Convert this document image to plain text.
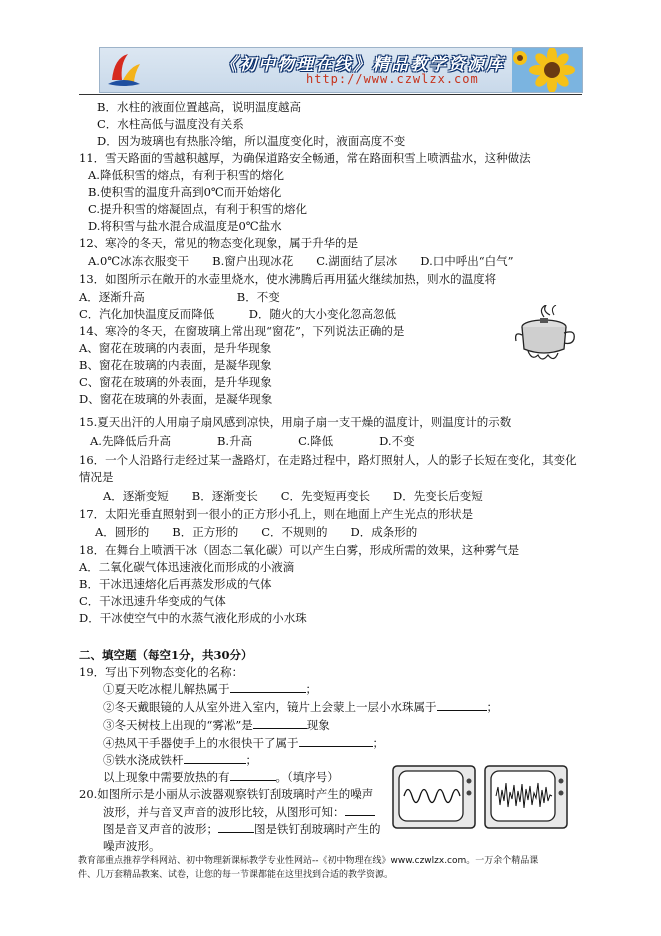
《初中物理在线》精品教学资源库
http://www.czwlzx.com
B．水柱的液面位置越高，说明温度越高
C．水柱高低与温度没有关系
D．因为玻璃也有热胀冷缩，所以温度变化时，液面高度不变
11．雪天路面的雪越积越厚，为确保道路安全畅通，常在路面积雪上喷洒盐水，这种做法
A.降低积雪的熔点，有利于积雪的熔化
B.使积雪的温度升高到0℃而开始熔化
C.提升积雪的熔凝固点，有利于积雪的熔化
D.将积雪与盐水混合成温度是0℃盐水
12、寒冷的冬天，常见的物态变化现象，属于升华的是
A.0℃冰冻衣服变干　　B.窗户出现冰花　　C.湖面结了层冰　　D.口中呼出“白气”
13．如图所示在敞开的水壶里烧水，使水沸腾后再用猛火继续加热，则水的温度将
A．逐渐升高　　　　　　　　B．不变
C．汽化加快温度反而降低　　　D．随火的大小变化忽高忽低
14、寒冷的冬天，在窗玻璃上常出现“窗花”，下列说法正确的是
A、窗花在玻璃的内表面，是升华现象
B、窗花在玻璃的内表面，是凝华现象
C、窗花在玻璃的外表面，是升华现象
D、窗花在玻璃的外表面，是凝华现象
15.夏天出汗的人用扇子扇风感到凉快，用扇子扇一支干燥的温度计，则温度计的示数
A.先降低后升高　　　　B.升高　　　　C.降低　　　　D.不变
16．一个人沿路行走经过某一盏路灯，在走路过程中，路灯照射人，人的影子长短在变化，其变化
情况是
A．逐渐变短　　B．逐渐变长　　C．先变短再变长　　D．先变长后变短
17．太阳光垂直照射到一很小的正方形小孔上，则在地面上产生光点的形状是
A．圆形的　　B．正方形的　　C．不规则的　　D．成条形的
18．在舞台上喷洒干冰（固态二氧化碳）可以产生白雾，形成所需的效果，这种雾气是
A．二氧化碳气体迅速液化而形成的小液滴
B．干冰迅速熔化后再蒸发形成的气体
C．干冰迅速升华变成的气体
D．干冰使空气中的水蒸气液化形成的小水珠
二、填空题（每空1分，共30分）
19．写出下列物态变化的名称：
①夏天吃冰棍儿解热属于	；
②冬天戴眼镜的人从室外进入室内，镜片上会蒙上一层小水珠属于	；
③冬天树枝上出现的“雾凇”是	现象
④热风干手器使手上的水很快干了属于	；
⑤铁水浇成铁杆	；
以上现象中需要放热的有	。（填序号）
20.如图所示是小丽从示波器观察铁钉刮玻璃时产生的噪声
波形，并与音叉声音的波形比较，从图形可知：
图是音叉声音的波形；	图是铁钉刮玻璃时产生的
噪声波形。
教育部重点推荐学科网站、初中物理新课标教学专业性网站--《初中物理在线》www.czwlzx.com。一万余个精品课
件、几万套精品教案、试卷，让您的每一节课都能在这里找到合适的教学资源。
